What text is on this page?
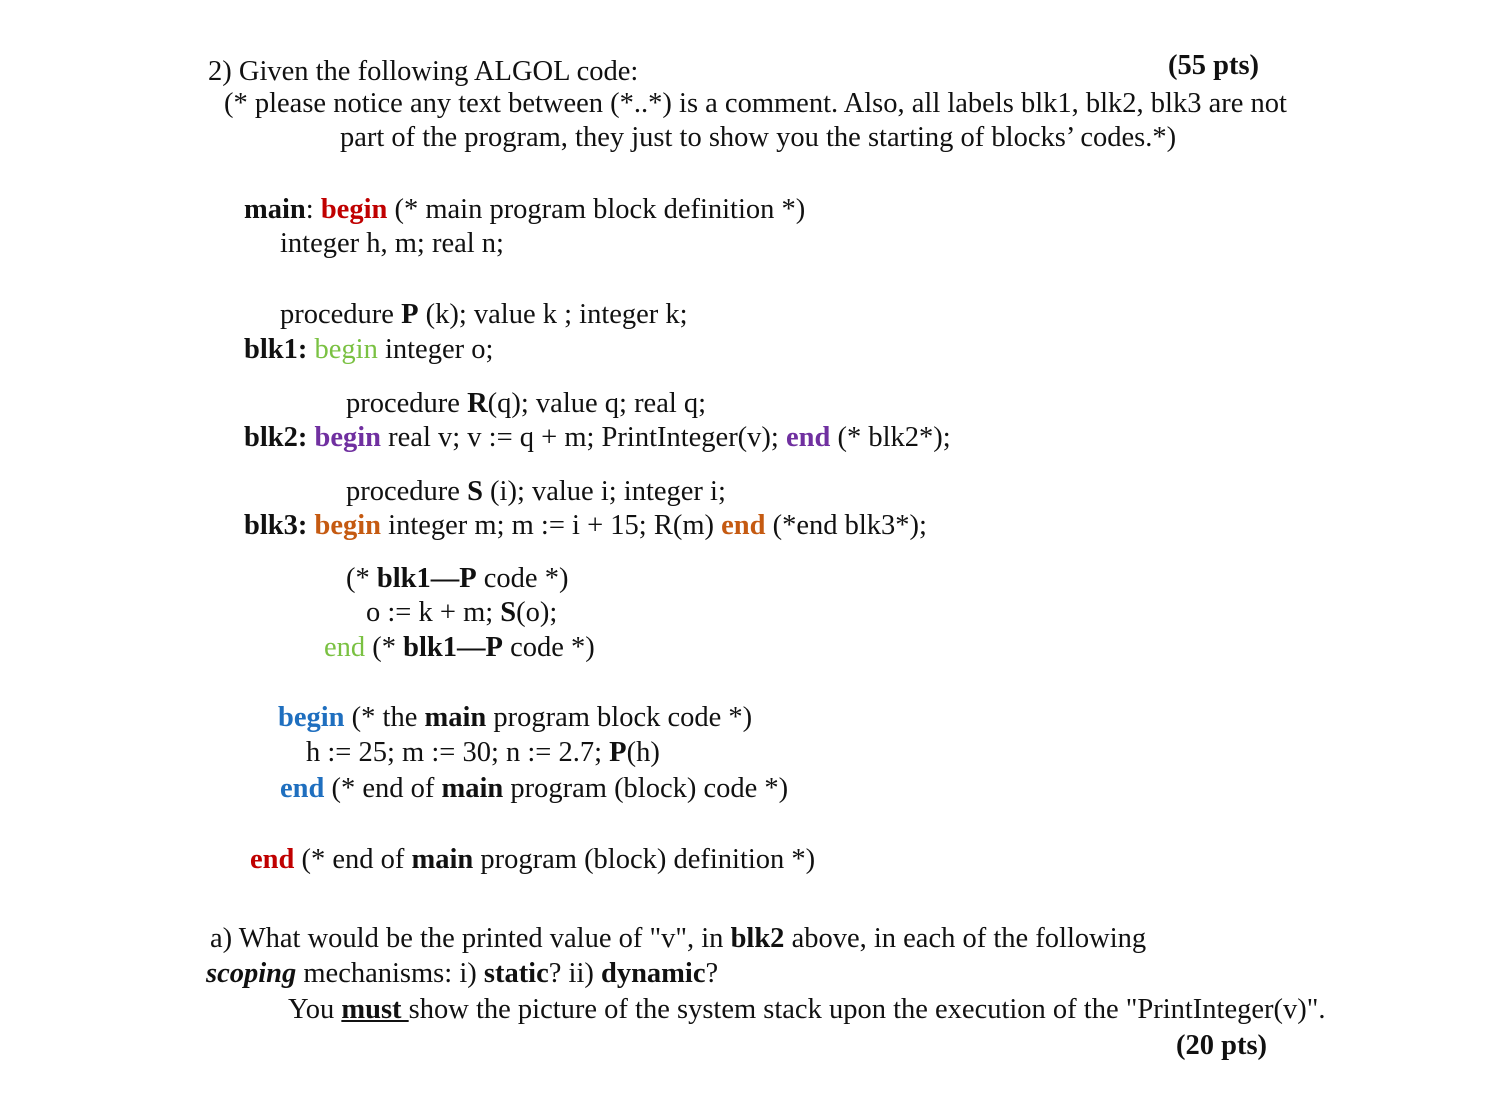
2) Given the following ALGOL code:	(55 pts)
(* please notice any text between (*..*) is a comment. Also, all labels blk1, blk2, blk3 are not
part of the program, they just to show you the starting of blocks’ codes.*)
main: begin (* main program block definition *)
integer h, m; real n;
procedure P (k); value k ; integer k;
blk1: begin integer o;
procedure R(q); value q; real q;
blk2: begin real v; v := q + m; PrintInteger(v); end (* blk2*);
procedure S (i); value i; integer i;
blk3: begin integer m; m := i + 15; R(m) end (*end blk3*);
(* blk1—P code *)
o := k + m; S(o);
end (* blk1—P code *)
begin (* the main program block code *)
h := 25; m := 30; n := 2.7; P(h)
end (* end of main program (block) code *)
end (* end of main program (block) definition *)
a) What would be the printed value of "v", in blk2 above, in each of the following
scoping mechanisms: i) static? ii) dynamic?
You must show the picture of the system stack upon the execution of the "PrintInteger(v)".
(20 pts)
